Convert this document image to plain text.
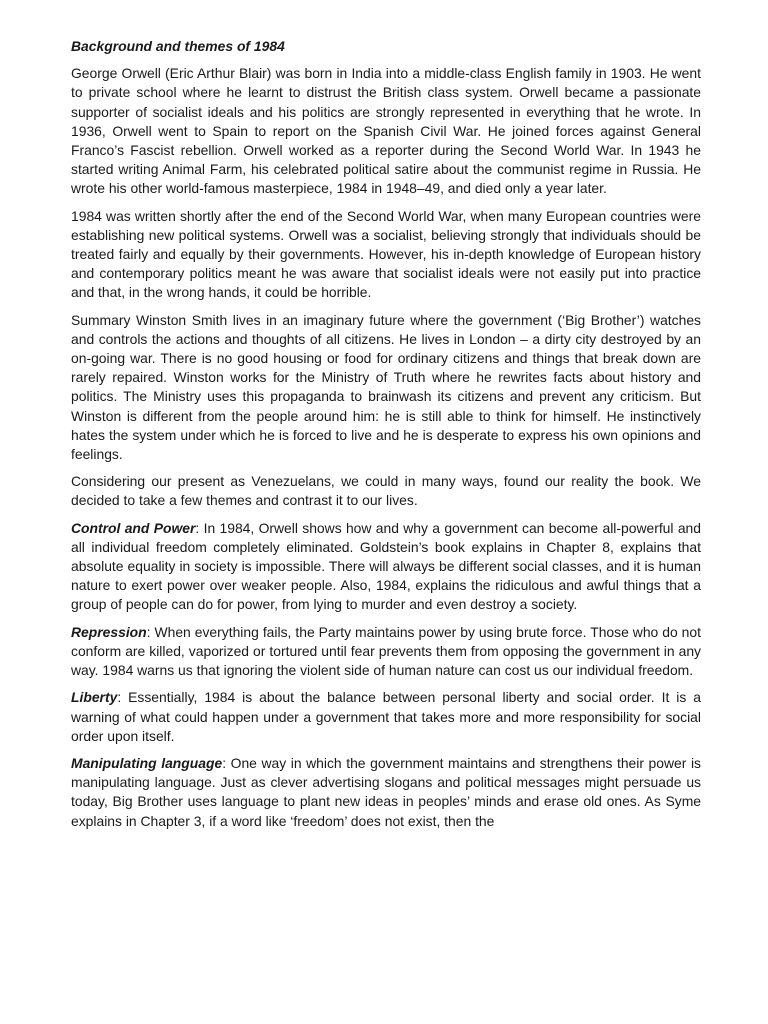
Background and themes of 1984

George Orwell (Eric Arthur Blair) was born in India into a middle-class English family in 1903. He went to private school where he learnt to distrust the British class system. Orwell became a passionate supporter of socialist ideals and his politics are strongly represented in everything that he wrote. In 1936, Orwell went to Spain to report on the Spanish Civil War. He joined forces against General Franco’s Fascist rebellion. Orwell worked as a reporter during the Second World War. In 1943 he started writing Animal Farm, his celebrated political satire about the communist regime in Russia. He wrote his other world-famous masterpiece, 1984 in 1948–49, and died only a year later.

1984 was written shortly after the end of the Second World War, when many European countries were establishing new political systems. Orwell was a socialist, believing strongly that individuals should be treated fairly and equally by their governments. However, his in-depth knowledge of European history and contemporary politics meant he was aware that socialist ideals were not easily put into practice and that, in the wrong hands, it could be horrible.

Summary Winston Smith lives in an imaginary future where the government (‘Big Brother’) watches and controls the actions and thoughts of all citizens. He lives in London – a dirty city destroyed by an on-going war. There is no good housing or food for ordinary citizens and things that break down are rarely repaired. Winston works for the Ministry of Truth where he rewrites facts about history and politics. The Ministry uses this propaganda to brainwash its citizens and prevent any criticism. But Winston is different from the people around him: he is still able to think for himself. He instinctively hates the system under which he is forced to live and he is desperate to express his own opinions and feelings.

Considering our present as Venezuelans, we could in many ways, found our reality the book. We decided to take a few themes and contrast it to our lives.

Control and Power: In 1984, Orwell shows how and why a government can become all-powerful and all individual freedom completely eliminated. Goldstein’s book explains in Chapter 8, explains that absolute equality in society is impossible. There will always be different social classes, and it is human nature to exert power over weaker people. Also, 1984, explains the ridiculous and awful things that a group of people can do for power, from lying to murder and even destroy a society.

Repression: When everything fails, the Party maintains power by using brute force. Those who do not conform are killed, vaporized or tortured until fear prevents them from opposing the government in any way. 1984 warns us that ignoring the violent side of human nature can cost us our individual freedom.

Liberty: Essentially, 1984 is about the balance between personal liberty and social order. It is a warning of what could happen under a government that takes more and more responsibility for social order upon itself.

Manipulating language: One way in which the government maintains and strengthens their power is manipulating language. Just as clever advertising slogans and political messages might persuade us today, Big Brother uses language to plant new ideas in peoples’ minds and erase old ones. As Syme explains in Chapter 3, if a word like ‘freedom’ does not exist, then the
